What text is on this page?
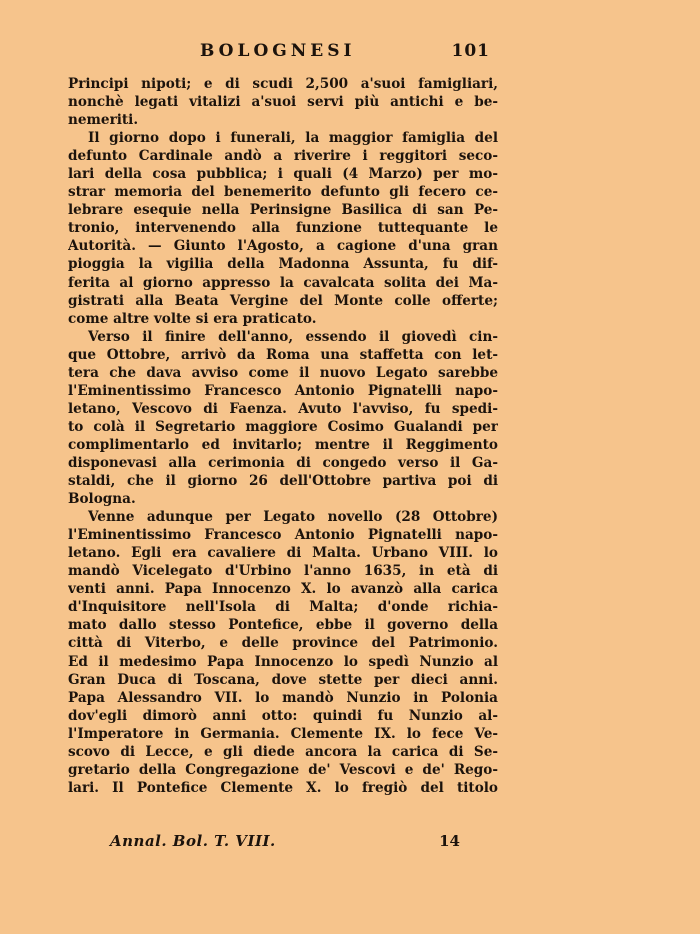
BOLOGNESI	101
Principi nipoti; e di scudi 2,500 a'suoi famigliari,
nonchè legati vitalizi a'suoi servi più antichi e be-
nemeriti.
Il giorno dopo i funerali, la maggior famiglia del
defunto Cardinale andò a riverire i reggitori seco-
lari della cosa pubblica; i quali (4 Marzo) per mo-
strar memoria del benemerito defunto gli fecero ce-
lebrare esequie nella Perinsigne Basilica di san Pe-
tronio, intervenendo alla funzione tuttequante le
Autorità. — Giunto l'Agosto, a cagione d'una gran
pioggia la vigilia della Madonna Assunta, fu dif-
ferita al giorno appresso la cavalcata solita dei Ma-
gistrati alla Beata Vergine del Monte colle offerte;
come altre volte si era praticato.
Verso il finire dell'anno, essendo il giovedì cin-
que Ottobre, arrivò da Roma una staffetta con let-
tera che dava avviso come il nuovo Legato sarebbe
l'Eminentissimo Francesco Antonio Pignatelli napo-
letano, Vescovo di Faenza. Avuto l'avviso, fu spedi-
to colà il Segretario maggiore Cosimo Gualandi per
complimentarlo ed invitarlo; mentre il Reggimento
disponevasi alla cerimonia di congedo verso il Ga-
staldi, che il giorno 26 dell'Ottobre partiva poi di
Bologna.
Venne adunque per Legato novello (28 Ottobre)
l'Eminentissimo Francesco Antonio Pignatelli napo-
letano. Egli era cavaliere di Malta. Urbano VIII. lo
mandò Vicelegato d'Urbino l'anno 1635, in età di
venti anni. Papa Innocenzo X. lo avanzò alla carica
d'Inquisitore nell'Isola di Malta; d'onde richia-
mato dallo stesso Pontefice, ebbe il governo della
città di Viterbo, e delle province del Patrimonio.
Ed il medesimo Papa Innocenzo lo spedì Nunzio al
Gran Duca di Toscana, dove stette per dieci anni.
Papa Alessandro VII. lo mandò Nunzio in Polonia
dov'egli dimorò anni otto: quindi fu Nunzio al-
l'Imperatore in Germania. Clemente IX. lo fece Ve-
scovo di Lecce, e gli diede ancora la carica di Se-
gretario della Congregazione de' Vescovi e de' Rego-
lari. Il Pontefice Clemente X. lo fregiò del titolo
Annal. Bol. T. VIII.	14
